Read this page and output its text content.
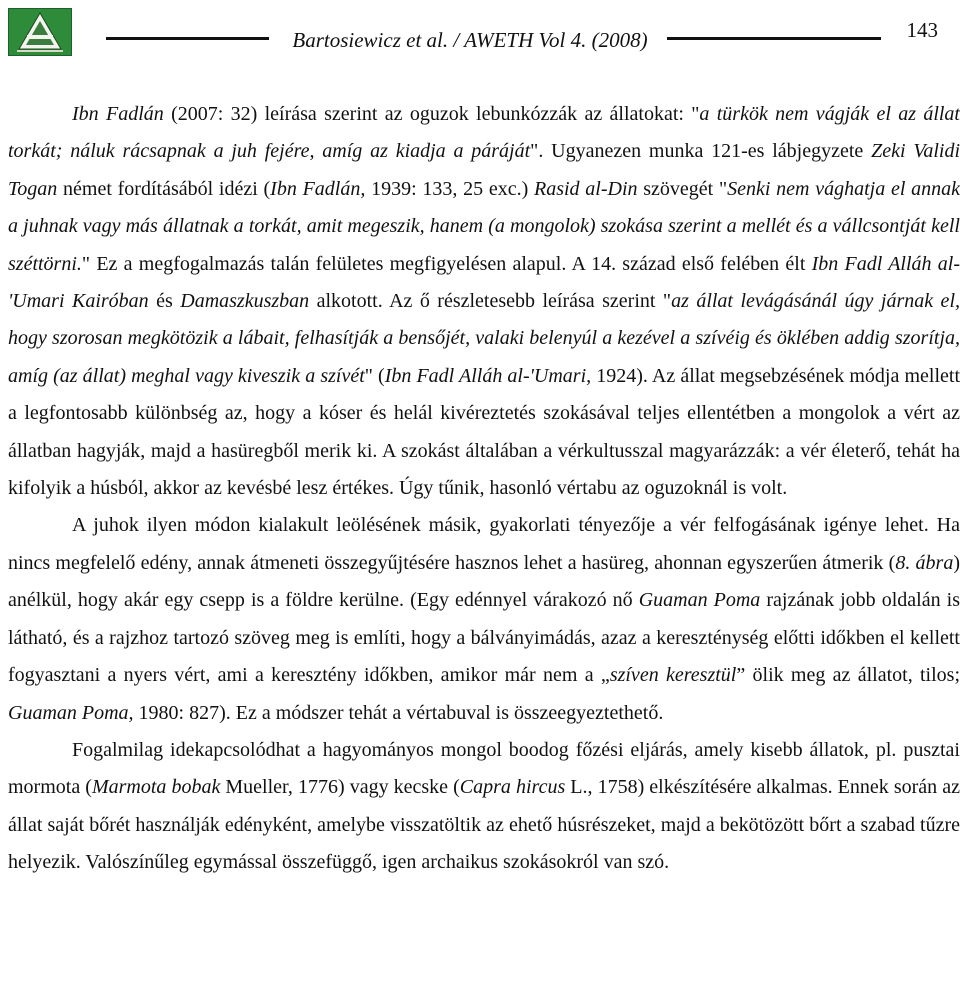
Bartosiewicz et al. / AWETH Vol 4. (2008)	143

Ibn Fadlán (2007: 32) leírása szerint az oguzok lebunkózzák az állatokat: "a türkök nem vágják el az állat torkát; náluk rácsapnak a juh fejére, amíg az kiadja a páráját". Ugyanezen munka 121-es lábjegyzete Zeki Validi Togan német fordításából idézi (Ibn Fadlán, 1939: 133, 25 exc.) Rasid al-Din szövegét "Senki nem vághatja el annak a juhnak vagy más állatnak a torkát, amit megeszik, hanem (a mongolok) szokása szerint a mellét és a vállcsontját kell széttörni." Ez a megfogalmazás talán felületes megfigyelésen alapul. A 14. század első felében élt Ibn Fadl Alláh al-'Umari Kairóban és Damaszkuszban alkotott. Az ő részletesebb leírása szerint "az állat levágásánál úgy járnak el, hogy szorosan megkötözik a lábait, felhasítják a bensőjét, valaki belenyúl a kezével a szívéig és öklében addig szorítja, amíg (az állat) meghal vagy kiveszik a szívét" (Ibn Fadl Alláh al-'Umari, 1924). Az állat megsebzésének módja mellett a legfontosabb különbség az, hogy a kóser és helál kivéreztetés szokásával teljes ellentétben a mongolok a vért az állatban hagyják, majd a hasüregből merik ki. A szokást általában a vérkultusszal magyarázzák: a vér életerő, tehát ha kifolyik a húsból, akkor az kevésbé lesz értékes. Úgy tűnik, hasonló vértabu az oguzoknál is volt.

A juhok ilyen módon kialakult leölésének másik, gyakorlati tényezője a vér felfogásának igénye lehet. Ha nincs megfelelő edény, annak átmeneti összegyűjtésére hasznos lehet a hasüreg, ahonnan egyszerűen átmerik (8. ábra) anélkül, hogy akár egy csepp is a földre kerülne. (Egy edénnyel várakozó nő Guaman Poma rajzának jobb oldalán is látható, és a rajzhoz tartozó szöveg meg is említi, hogy a bálványimádás, azaz a kereszténység előtti időkben el kellett fogyasztani a nyers vért, ami a keresztény időkben, amikor már nem a „szíven keresztül” ölik meg az állatot, tilos; Guaman Poma, 1980: 827). Ez a módszer tehát a vértabuval is összeegyeztethető.

Fogalmilag idekapcsolódhat a hagyományos mongol boodog főzési eljárás, amely kisebb állatok, pl. pusztai mormota (Marmota bobak Mueller, 1776) vagy kecske (Capra hircus L., 1758) elkészítésére alkalmas. Ennek során az állat saját bőrét használják edényként, amelybe visszatöltik az ehető húsrészeket, majd a bekötözött bőrt a szabad tűzre helyezik. Valószínűleg egymással összefüggő, igen archaikus szokásokról van szó.
